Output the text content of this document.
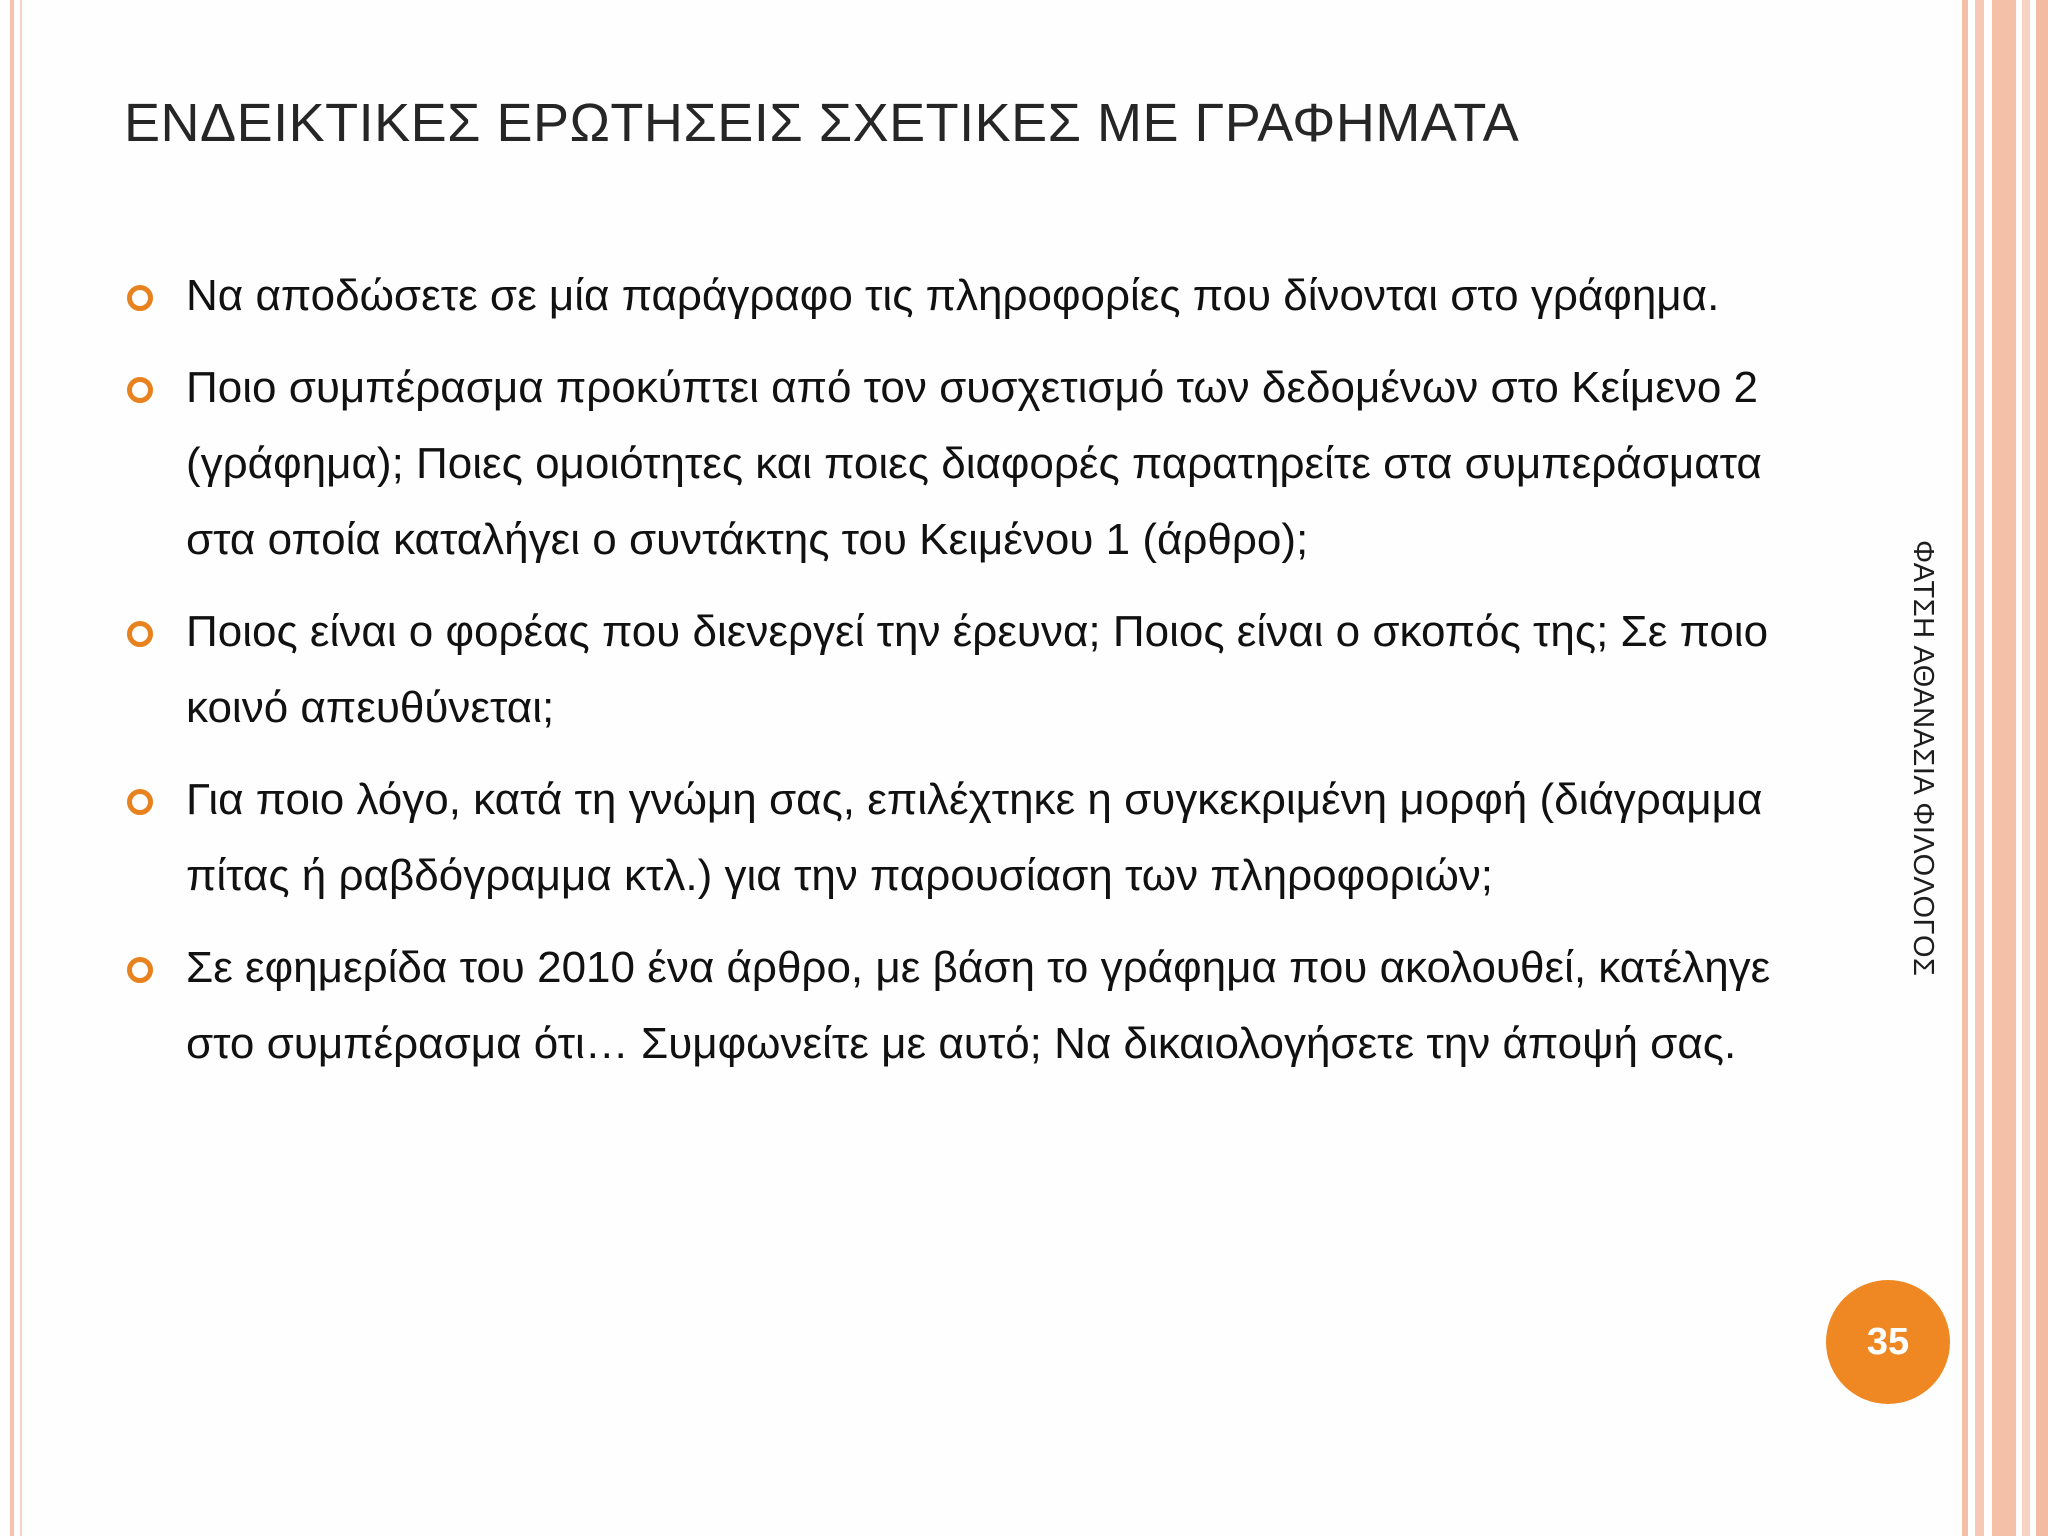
ΕΝΔΕΙΚΤΙΚΕΣ ΕΡΩΤΗΣΕΙΣ ΣΧΕΤΙΚΕΣ ΜΕ ΓΡΑΦΗΜΑΤΑ
Να αποδώσετε σε μία παράγραφο τις πληροφορίες που δίνονται στο γράφημα.
Ποιο συμπέρασμα προκύπτει από τον συσχετισμό των δεδομένων στο Κείμενο 2 (γράφημα); Ποιες ομοιότητες και ποιες διαφορές παρατηρείτε στα συμπεράσματα στα οποία καταλήγει ο συντάκτης του Κειμένου 1 (άρθρο);
Ποιος είναι ο φορέας που διενεργεί την έρευνα; Ποιος είναι ο σκοπός της; Σε ποιο κοινό απευθύνεται;
Για ποιο λόγο, κατά τη γνώμη σας, επιλέχτηκε η συγκεκριμένη μορφή (διάγραμμα πίτας ή ραβδόγραμμα κτλ.) για την παρουσίαση των πληροφοριών;
Σε εφημερίδα του 2010 ένα άρθρο, με βάση το γράφημα που ακολουθεί, κατέληγε στο συμπέρασμα ότι… Συμφωνείτε με αυτό; Να δικαιολογήσετε την άποψή σας.
ΦΑΤΣΗ ΑΘΑΝΑΣΙΑ ΦΙΛΟΛΟΓΟΣ
35
